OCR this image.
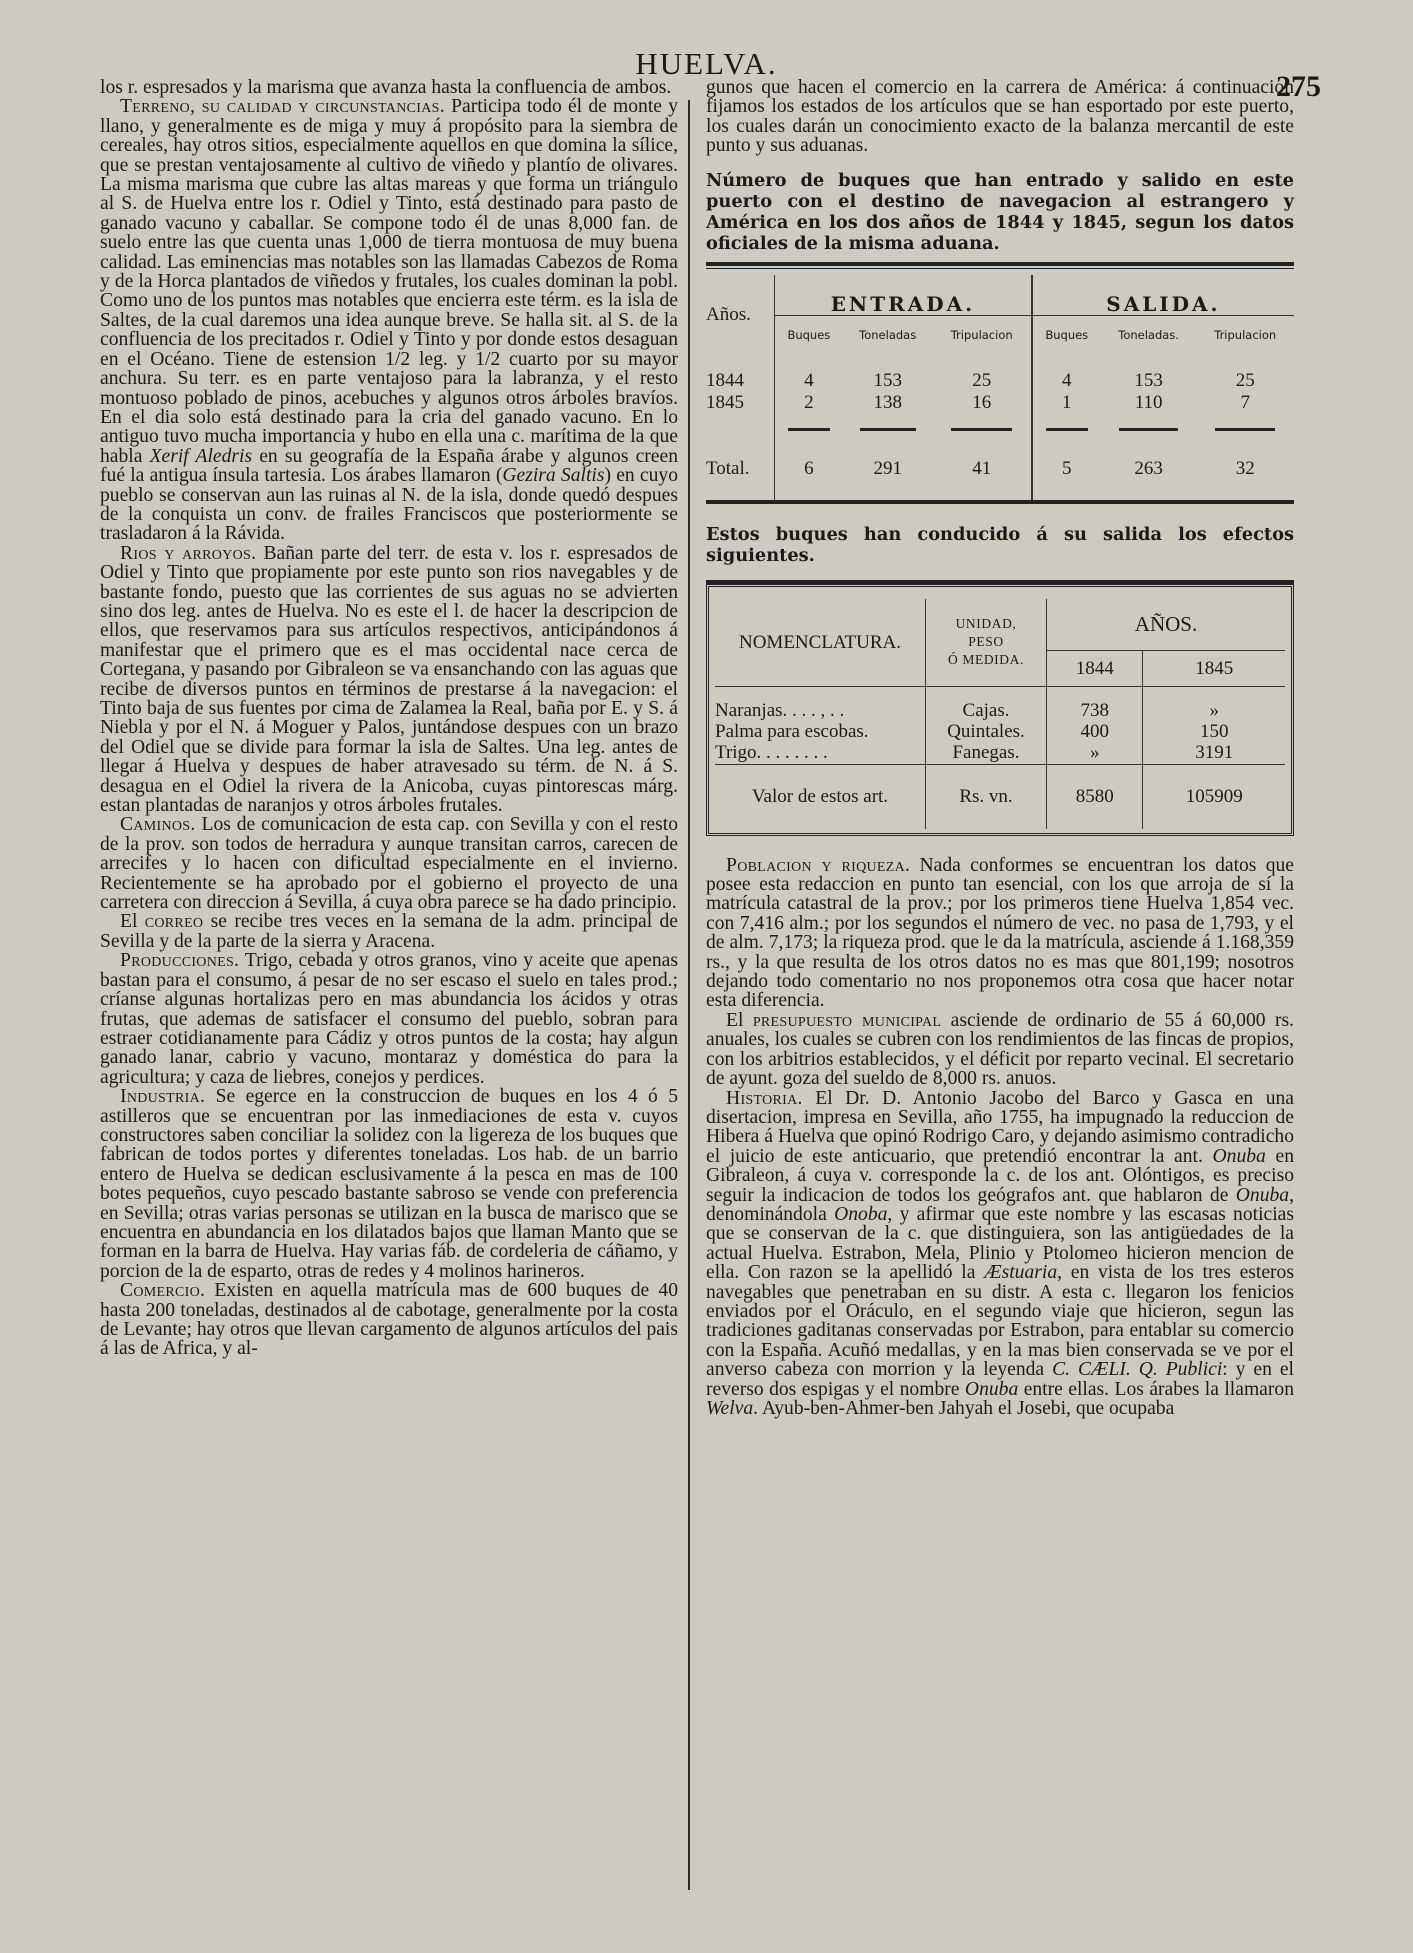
HUELVA.
275

los r. espresados y la marisma que avanza hasta la confluencia de ambos.

Terreno, su calidad y circunstancias. Participa todo él de monte y llano, y generalmente es de miga y muy á propósito para la siembra de cereales, hay otros sitios, especialmente aquellos en que domina la sílice, que se prestan ventajosamente al cultivo de viñedo y plantío de olivares. La misma marisma que cubre las altas mareas y que forma un triángulo al S. de Huelva entre los r. Odiel y Tinto, está destinado para pasto de ganado vacuno y caballar. Se compone todo él de unas 8,000 fan. de suelo entre las que cuenta unas 1,000 de tierra montuosa de muy buena calidad. Las eminencias mas notables son las llamadas Cabezos de Roma y de la Horca plantados de viñedos y frutales, los cuales dominan la pobl. Como uno de los puntos mas notables que encierra este térm. es la isla de Saltes, de la cual daremos una idea aunque breve. Se halla sit. al S. de la confluencia de los precitados r. Odiel y Tinto y por donde estos desaguan en el Océano. Tiene de estension 1/2 leg. y 1/2 cuarto por su mayor anchura. Su terr. es en parte ventajoso para la labranza, y el resto montuoso poblado de pinos, acebuches y algunos otros árboles bravíos. En el dia solo está destinado para la cria del ganado vacuno. En lo antiguo tuvo mucha importancia y hubo en ella una c. marítima de la que habla Xerif Aledris en su geografía de la España árabe y algunos creen fué la antigua ínsula tartesia. Los árabes llamaron (Gezira Saltis) en cuyo pueblo se conservan aun las ruinas al N. de la isla, donde quedó despues de la conquista un conv. de frailes Franciscos que posteriormente se trasladaron á la Rávida.

Rios y arroyos. Bañan parte del terr. de esta v. los r. espresados de Odiel y Tinto que propiamente por este punto son rios navegables y de bastante fondo, puesto que las corrientes de sus aguas no se advierten sino dos leg. antes de Huelva. No es este el l. de hacer la descripcion de ellos, que reservamos para sus artículos respectivos, anticipándonos á manifestar que el primero que es el mas occidental nace cerca de Cortegana, y pasando por Gibraleon se va ensanchando con las aguas que recibe de diversos puntos en términos de prestarse á la navegacion: el Tinto baja de sus fuentes por cima de Zalamea la Real, baña por E. y S. á Niebla y por el N. á Moguer y Palos, juntándose despues con un brazo del Odiel que se divide para formar la isla de Saltes. Una leg. antes de llegar á Huelva y despues de haber atravesado su térm. de N. á S. desagua en el Odiel la rivera de la Anicoba, cuyas pintorescas márg. estan plantadas de naranjos y otros árboles frutales.

Caminos. Los de comunicacion de esta cap. con Sevilla y con el resto de la prov. son todos de herradura y aunque transitan carros, carecen de arrecifes y lo hacen con dificultad especialmente en el invierno. Recientemente se ha aprobado por el gobierno el proyecto de una carretera con direccion á Sevilla, á cuya obra parece se ha dado principio.

El correo se recibe tres veces en la semana de la adm. principal de Sevilla y de la parte de la sierra y Aracena.

Producciones. Trigo, cebada y otros granos, vino y aceite que apenas bastan para el consumo, á pesar de no ser escaso el suelo en tales prod.; críanse algunas hortalizas pero en mas abundancia los ácidos y otras frutas, que ademas de satisfacer el consumo del pueblo, sobran para estraer cotidianamente para Cádiz y otros puntos de la costa; hay algun ganado lanar, cabrio y vacuno, montaraz y doméstica do para la agricultura; y caza de liebres, conejos y perdices.

Industria. Se egerce en la construccion de buques en los 4 ó 5 astilleros que se encuentran por las inmediaciones de esta v. cuyos constructores saben conciliar la solidez con la ligereza de los buques que fabrican de todos portes y diferentes toneladas. Los hab. de un barrio entero de Huelva se dedican esclusivamente á la pesca en mas de 100 botes pequeños, cuyo pescado bastante sabroso se vende con preferencia en Sevilla; otras varias personas se utilizan en la busca de marisco que se encuentra en abundancia en los dilatados bajos que llaman Manto que se forman en la barra de Huelva. Hay varias fáb. de cordeleria de cáñamo, y porcion de la de esparto, otras de redes y 4 molinos harineros.

Comercio. Existen en aquella matrícula mas de 600 buques de 40 hasta 200 toneladas, destinados al de cabotage, generalmente por la costa de Levante; hay otros que llevan cargamento de algunos artículos del pais á las de Africa, y al-

gunos que hacen el comercio en la carrera de América: á continuacion fijamos los estados de los artículos que se han esportado por este puerto, los cuales darán un conocimiento exacto de la balanza mercantil de este punto y sus aduanas.

Número de buques que han entrado y salido en este puerto con el destino de navegacion al estrangero y América en los dos años de 1844 y 1845, segun los datos oficiales de la misma aduana.
Años.	ENTRADA.			SALIDA.		
	Buques	Toneladas	Tripulacion	Buques	Toneladas.	Tripulacion

1844	4	153	25	4	153	25
1845	2	138	16	1	110	7

Total.	6	291	41	5	263	32
Estos buques han conducido á su salida los efectos siguientes.
NOMENCLATURA.	UNIDAD,
PESO
Ó MEDIDA.	AÑOS.	
		1844	1845

Naranjas. . . . , . .	Cajas.	738	»
Palma para escobas.	Quintales.	400	150
Trigo. . . . . . . .	Fanegas.	»	3191
Valor de estos art.	Rs. vn.	8580	105909

Poblacion y riqueza. Nada conformes se encuentran los datos que posee esta redaccion en punto tan esencial, con los que arroja de sí la matrícula catastral de la prov.; por los primeros tiene Huelva 1,854 vec. con 7,416 alm.; por los segundos el número de vec. no pasa de 1,793, y el de alm. 7,173; la riqueza prod. que le da la matrícula, asciende á 1.168,359 rs., y la que resulta de los otros datos no es mas que 801,199; nosotros dejando todo comentario no nos proponemos otra cosa que hacer notar esta diferencia.

El presupuesto municipal asciende de ordinario de 55 á 60,000 rs. anuales, los cuales se cubren con los rendimientos de las fincas de propios, con los arbitrios establecidos, y el déficit por reparto vecinal. El secretario de ayunt. goza del sueldo de 8,000 rs. anuos.

Historia. El Dr. D. Antonio Jacobo del Barco y Gasca en una disertacion, impresa en Sevilla, año 1755, ha impugnado la reduccion de Hibera á Huelva que opinó Rodrigo Caro, y dejando asimismo contradicho el juicio de este anticuario, que pretendió encontrar la ant. Onuba en Gibraleon, á cuya v. corresponde la c. de los ant. Olóntigos, es preciso seguir la indicacion de todos los geógrafos ant. que hablaron de Onuba, denominándola Onoba, y afirmar que este nombre y las escasas noticias que se conservan de la c. que distinguiera, son las antigüedades de la actual Huelva. Estrabon, Mela, Plinio y Ptolomeo hicieron mencion de ella. Con razon se la apellidó la Æstuaria, en vista de los tres esteros navegables que penetraban en su distr. A esta c. llegaron los fenicios enviados por el Oráculo, en el segundo viaje que hicieron, segun las tradiciones gaditanas conservadas por Estrabon, para entablar su comercio con la España. Acuñó medallas, y en la mas bien conservada se ve por el anverso cabeza con morrion y la leyenda C. CÆLI. Q. Publici: y en el reverso dos espigas y el nombre Onuba entre ellas. Los árabes la llamaron Welva. Ayub-ben-Ahmer-ben Jahyah el Josebi, que ocupaba
